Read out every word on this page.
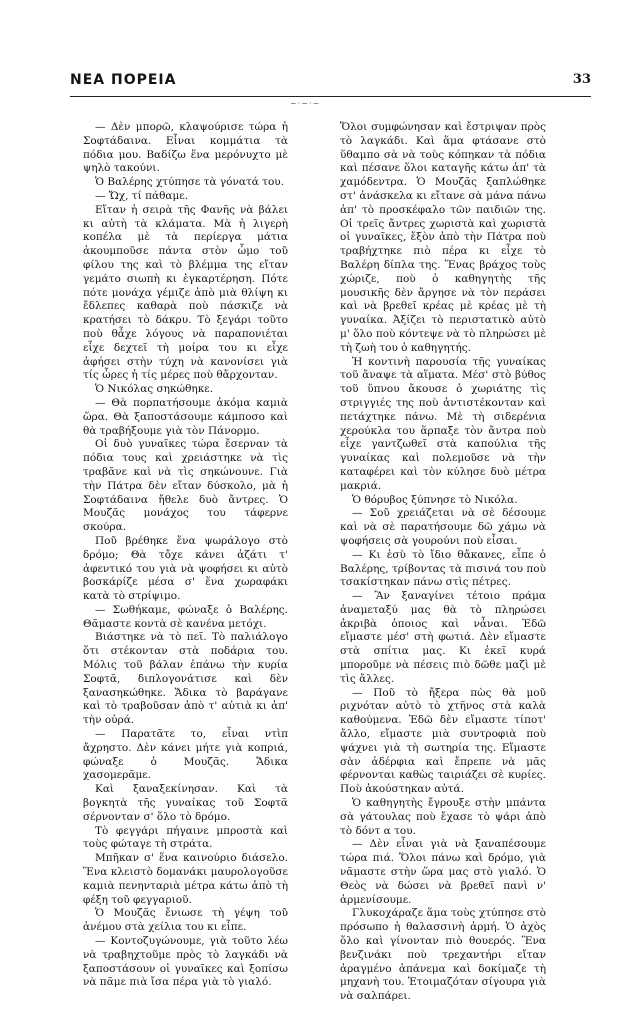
ΝΕΑ ΠΟΡΕΙΑ	33
~·~·~

— Δὲν μπορῶ, κλαψούρισε τώρα ἡ Σοφτάδαινα. Εἶναι κομμάτια τὰ πόδια μου. Βαδίζω ἕνα μερόνυχτο μὲ ψηλὸ τακούνι.

Ὁ Βαλέρης χτύπησε τὰ γόνατά του.

— Ὤχ, τί πάθαμε.

Εἴταν ἡ σειρὰ τῆς Φανῆς νὰ βάλει κι αὐτὴ τὰ κλάματα. Μὰ ἡ λιγερὴ κοπέλα μὲ τὰ περίεργα μάτια ἀκουμποῦσε πάντα στὸν ὦμο τοῦ φίλου της καὶ τὸ βλέμμα της εἴταν γεμάτο σιωπὴ κι ἐγκαρτέρηση. Πότε πότε μονάχα γέμιζε ἀπὸ μιὰ θλίψη κι ἔδλεπες καθαρὰ ποὺ πάσκιζε νὰ κρατήσει τὸ δάκρυ. Τὸ ξεγάρι τοῦτο ποὺ θἆχε λόγους νὰ παραπονιέται εἶχε δεχτεῖ τὴ μοίρα του κι εἶχε ἀφήσει στὴν τύχη νὰ κανονίσει γιὰ τίς ὧρες ἡ τίς μέρες ποὺ θἄρχονταν.

Ὁ Νικόλας σηκώθηκε.

— Θὰ πορπατήσουμε ἀκόμα καμιὰ ὥρα. Θὰ ξαποστάσουμε κάμποσο καὶ θὰ τραβήξουμε γιὰ τὸν Πάνορμο.

Οἱ δυὸ γυναῖκες τώρα ἔσερναν τὰ πόδια τους καὶ χρειάστηκε νὰ τὶς τραβᾶνε καὶ νὰ τὶς σηκώνουνε. Γιὰ τὴν Πάτρα δὲν εἴταν δύσκολο, μὰ ἡ Σοφτάδαινα ἤθελε δυὸ ἄντρες. Ὁ Μουζᾶς μονάχος του τάφερνε σκούρα.

Ποῦ βρέθηκε ἕνα ψωράλογο στὸ δρόμο; Θὰ τὄχε κάνει ἀζάτι τ' ἀφεντικό του γιὰ νὰ ψοφήσει κι αὐτὸ βοσκάρίζε μέσα σ' ἕνα χωραφάκι κατὰ τὸ στρίψιμο.

— Σωθήκαμε, φώναξε ὁ Βαλέρης. Θᾶμαστε κοντὰ σὲ κανένα μετόχι.

Βιάστηκε νὰ τὸ πεῖ. Τὸ παλιάλογο ὅτι στέκονταν στὰ ποδάρια του. Μόλις τοῦ βάλαν ἐπάνω τὴν κυρία Σοφτᾶ, διπλογονάτισε καὶ δὲν ξανασηκώθηκε. Ἄδικα τὸ βαράγανε καὶ τὸ τραβοῦσαν ἀπὸ τ' αὐτιὰ κι ἀπ' τὴν οὐρά.

— Παρατᾶτε το, εἶναι ντὶπ ἄχρηστο. Δὲν κάνει μήτε γιὰ κοπριά, φώναξε ὁ Μουζᾶς. Ἄδικα χασομερᾶμε.

Καὶ ξαναξεκίνησαν. Καὶ τὰ βογκητὰ τῆς γυναίκας τοῦ Σοφτᾶ σέρνονταν σ' ὅλο τὸ δρόμο.

Τὸ φεγγάρι πήγαινε μπροστὰ καὶ τοὺς φώταγε τὴ στράτα.

Μπῆκαν σ' ἕνα καινούριο διάσελο. Ἕνα κλειστὸ δομανάκι μαυρολογοῦσε καμιὰ πενηνταριὰ μέτρα κάτω ἀπὸ τὴ φέξη τοῦ φεγγαριοῦ.

Ὁ Μουζᾶς ἔνιωσε τὴ γέψη τοῦ ἀνέμου στὰ χείλια του κι εἶπε.

— Κοντοζυγώνουμε, γιὰ τοῦτο λέω νὰ τραβηχτοῦμε πρὸς τὸ λαγκάδι νὰ ξαποστάσουν οἱ γυναῖκες καὶ ξοπίσω νὰ πᾶμε πιὰ ἴσα πέρα γιὰ τὸ γιαλό.

Ὅλοι συμφώνησαν καὶ ἔστριψαν πρὸς τὸ λαγκάδι. Καὶ ἅμα φτάσανε στὸ ὕθαμπο σὰ νὰ τοὺς κόπηκαν τὰ πόδια καὶ πέσανε ὅλοι καταγῆς κάτω ἀπ' τὰ χαμόδεντρα. Ὁ Μουζᾶς ξαπλώθηκε στ' ἀνάσκελα κι εἴτανε σὰ μάνα πάνω ἀπ' τὸ προσκέφαλο τῶν παιδιῶν της. Οἱ τρεῖς ἄντρες χωριστὰ καὶ χωριστὰ οἱ γυναῖκες, ἔξὸν ἀπὸ τὴν Πάτρα ποὺ τραβήχτηκε πιὸ πέρα κι εἶχε τὸ Βαλέρη δίπλα της. Ἕνας βράχος τοὺς χώριζε, ποὺ ὁ καθηγητὴς τῆς μουσικῆς δὲν ἄργησε νὰ τὸν περάσει καὶ νὰ βρεθεῖ κρέας μὲ κρέας μὲ τὴ γυναίκα. Ἀξίζει τὸ περιστατικὸ αὐτὸ μ' ὅλο ποὺ κόντεψε νὰ τὸ πληρώσει μὲ τὴ ζωὴ του ὁ καθηγητής.

Ἡ κοντινὴ παρουσία τῆς γυναίκας τοῦ ἄναψε τὰ αἵματα. Μέσ' στὸ βύθος τοῦ ὕπνου ἄκουσε ὁ χωριάτης τὶς στριγγιές της ποὺ ἀντιστέκονταν καὶ πετάχτηκε πάνω. Μὲ τὴ σιδερένια χερούκλα του ἅρπαξε τὸν ἄντρα ποὺ εἶχε γαντζωθεῖ στὰ καπούλια τῆς γυναίκας καὶ πολεμοῦσε νὰ τὴν καταφέρει καὶ τὸν κύλησε δυὸ μέτρα μακριά.

Ὁ θόρυβος ξύπνησε τὸ Νικόλα.

— Σοῦ χρειάζεται νὰ σὲ δέσουμε καὶ νὰ σὲ παρατήσουμε δῶ χάμω νὰ ψοφήσεις σὰ γουρούνι ποὺ εἶσαι.

— Κι ἐσὺ τὸ ἴδιο θἄκανες, εἶπε ὁ Βαλέρης, τρίβοντας τὰ πισινά του ποὺ τσακίστηκαν πάνω στὶς πέτρες.

— Ἂν ξαναγίνει τέτοιο πράμα ἀναμεταξύ μας θὰ τὸ πληρώσει ἀκριβὰ ὁποιος καὶ νἆναι. Ἐδῶ εἴμαστε μέσ' στὴ φωτιά. Δὲν εἴμαστε στὰ σπίτια μας. Κι ἐκεῖ κυρά μποροῦμε νὰ πέσεις πιὸ δῶθε μαζὶ μὲ τὶς ἄλλες.

— Ποῦ τὸ ἤξερα πὼς θὰ μοῦ ριχνόταν αὐτὸ τὸ χτῆνος στὰ καλὰ καθούμενα. Ἐδῶ δὲν εἴμαστε τίποτ' ἄλλο, εἴμαστε μιὰ συντροφιὰ ποὺ ψάχνει γιὰ τὴ σωτηρία της. Εἴμαστε σὰν ἀδέρφια καὶ ἔπρεπε νὰ μᾶς φέρνονται καθὼς ταιριάζει σὲ κυρίες. Ποὺ ἀκούστηκαν αὐτά.

Ὁ καθηγητὴς ἔγρουξε στὴν μπάντα σὰ γάτουλας ποὺ ἔχασε τὸ ψάρι ἀπὸ τὸ δόντ α του.

— Δὲν εἶναι γιὰ νὰ ξαναπέσουμε τώρα πιά. Ὅλοι πάνω καὶ δρόμο, γιὰ νᾶμαστε στὴν ὥρα μας στὸ γιαλό. Ὁ Θεὸς νὰ δώσει νὰ βρεθεῖ πανὶ ν' ἀρμενίσουμε.

Γλυκοχάραζε ἅμα τοὺς χτύπησε στὸ πρόσωπο ἡ θαλασσινὴ ἀρμή. Ὁ ἀχὸς ὅλο καὶ γίνονταν πιὸ θουερός. Ἕνα βενζινάκι ποὺ τρεχαντήρι εἴταν ἀραγμένο ἀπάνεμα καὶ δοκίμαζε τὴ μηχανὴ του. Ἐτοιμαζόταν σίγουρα γιὰ νὰ σαλπάρει.
